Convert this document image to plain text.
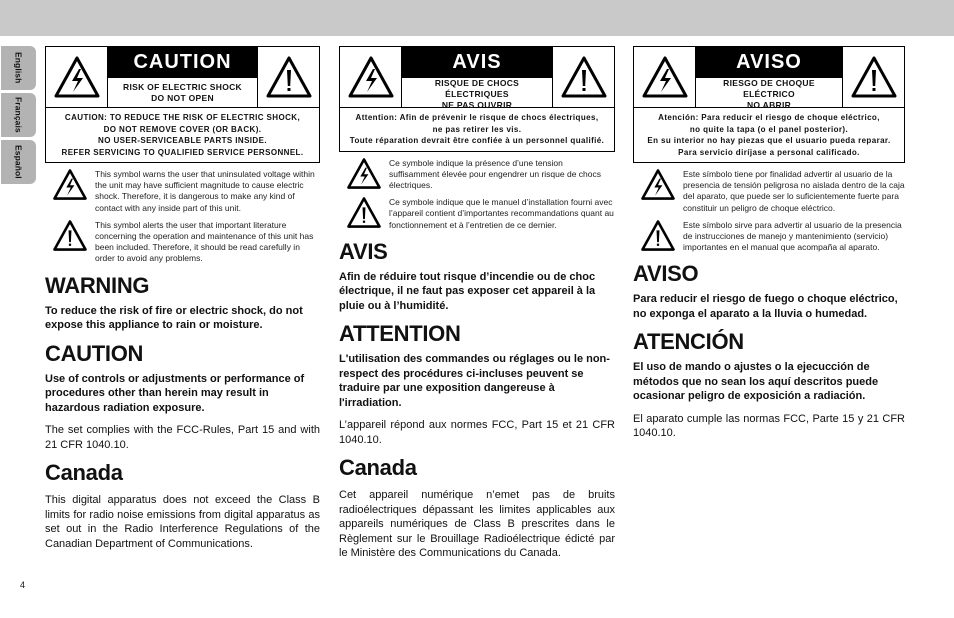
English
Français
Español
CAUTION
RISK OF ELECTRIC SHOCK
DO NOT OPEN
CAUTION: TO REDUCE THE RISK OF ELECTRIC SHOCK,
DO NOT REMOVE COVER (OR BACK).
NO USER-SERVICEABLE PARTS INSIDE.
REFER SERVICING TO QUALIFIED SERVICE PERSONNEL.
This symbol warns the user that uninsulated voltage within the unit may have sufficient magnitude to cause electric shock. Therefore, it is dangerous to make any kind of contact with any inside part of this unit.
This symbol alerts the user that important literature concerning the operation and maintenance of this unit has been included. Therefore, it should be read carefully in order to avoid any problems.
WARNING

To reduce the risk of fire or electric shock, do not expose this appliance to rain or moisture.

CAUTION

Use of controls or adjustments or performance of procedures other than herein may result in hazardous radiation exposure.

The set complies with the FCC-Rules, Part 15 and with 21 CFR 1040.10.

Canada

This digital apparatus does not exceed the Class B limits for radio noise emissions from digital apparatus as set out in the Radio Interference Regulations of the Canadian Department of Communications.

AVIS
RISQUE DE CHOCS ÉLECTRIQUES
NE PAS OUVRIR
Attention: Afin de prévenir le risque de chocs électriques,
ne pas retirer les vis.
Toute réparation devrait être confiée à un personnel qualifié.
Ce symbole indique la présence d’une tension suffisamment élevée pour engendrer un risque de chocs électriques.
Ce symbole indique que le manuel d’installation fourni avec l’appareil contient d’importantes recommandations quant au fonctionnement et à l’entretien de ce dernier.
AVIS

Afin de réduire tout risque d’incendie ou de choc électrique, il ne faut pas exposer cet appareil à la pluie ou à l’humidité.

ATTENTION

L'utilisation des commandes ou réglages ou le non-respect des procédures ci-incluses peuvent se traduire par une exposition dangereuse à l'irradiation.

L’appareil répond aux normes FCC, Part 15 et 21 CFR 1040.10.

Canada

Cet appareil numérique n’emet pas de bruits radioélectriques dépassant les limites applicables aux appareils numériques de Class B prescrites dans le Règlement sur le Brouillage Radioélectrique édicté par le Ministère des Communications du Canada.

AVISO
RIESGO DE CHOQUE ELÉCTRICO
NO ABRIR
Atención: Para reducir el riesgo de choque eléctrico,
no quite la tapa (o el panel posterior).
En su interior no hay piezas que el usuario pueda reparar.
Para servicio diríjase a personal calificado.
Este símbolo tiene por finalidad advertir al usuario de la presencia de tensión peligrosa no aislada dentro de la caja del aparato, que puede ser lo suficientemente fuerte para constituir un peligro de choque eléctrico.
Este símbolo sirve para advertir al usuario de la presencia de instrucciones de manejo y mantenimiento (servicio) importantes en el manual que acompaña al aparato.
AVISO

Para reducir el riesgo de fuego o choque eléctrico, no exponga el aparato a la lluvia o humedad.

ATENCIÓN

El uso de mando o ajustes o la ejecucción de métodos que no sean los aquí descritos puede ocasionar peligro de exposición a radiación.

El aparato cumple las normas FCC, Parte 15 y 21 CFR 1040.10.

4
